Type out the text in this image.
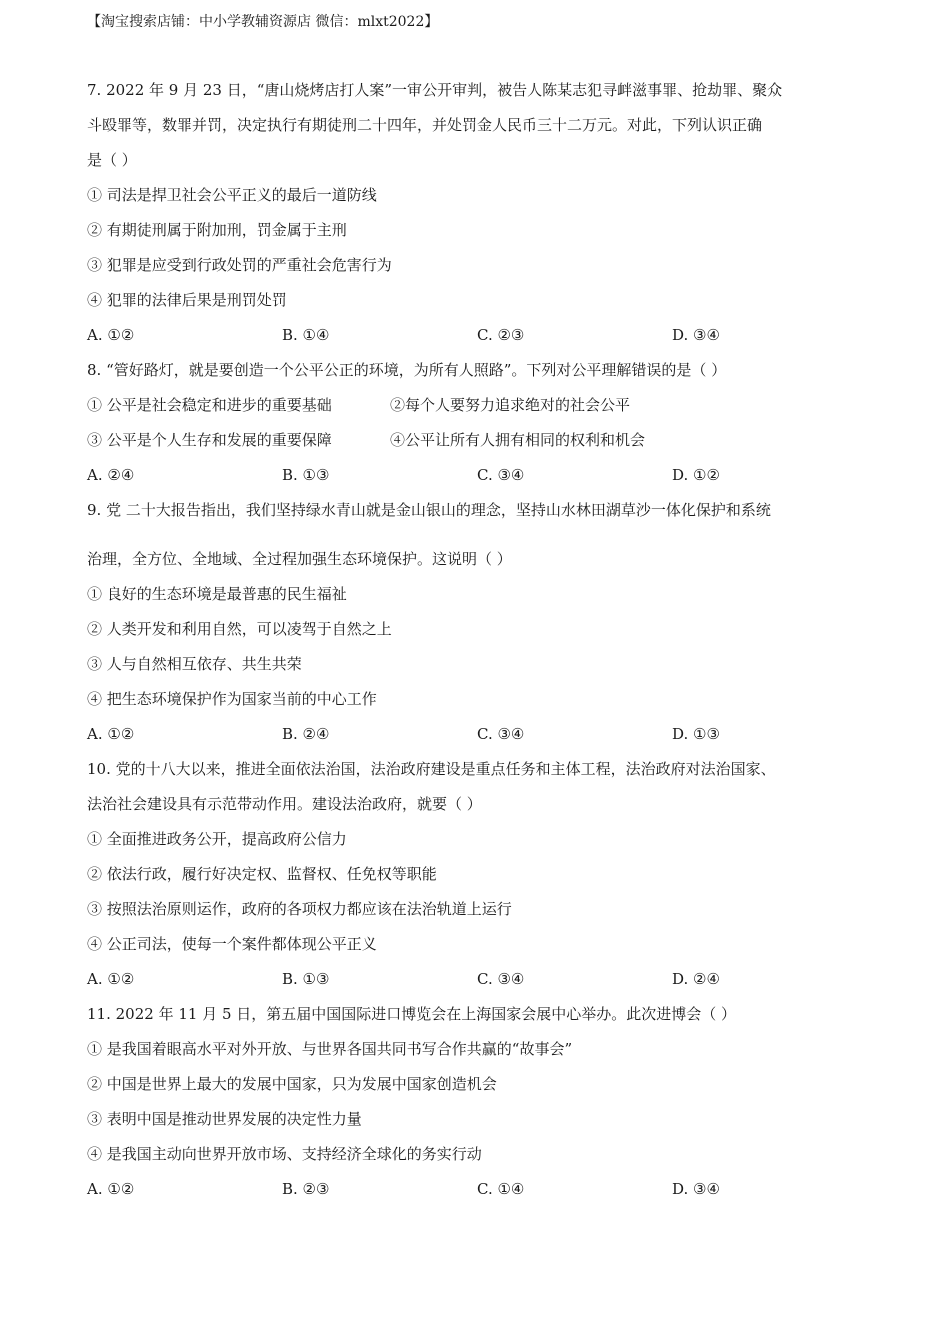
【淘宝搜索店铺：中小学教辅资源店 微信：mlxt2022】
7. 2022 年 9 月 23 日，“唐山烧烤店打人案”一审公开审判，被告人陈某志犯寻衅滋事罪、抢劫罪、聚众
斗殴罪等，数罪并罚，决定执行有期徒刑二十四年，并处罚金人民币三十二万元。对此，下列认识正确
是（ ）
① 司法是捍卫社会公平正义的最后一道防线
② 有期徒刑属于附加刑，罚金属于主刑
③ 犯罪是应受到行政处罚的严重社会危害行为
④ 犯罪的法律后果是刑罚处罚
A. ①②	B. ①④	C. ②③	D. ③④
8. “管好路灯，就是要创造一个公平公正的环境，为所有人照路”。下列对公平理解错误的是（ ）
① 公平是社会稳定和进步的重要基础	②每个人要努力追求绝对的社会公平
③ 公平是个人生存和发展的重要保障	④公平让所有人拥有相同的权利和机会
A. ②④	B. ①③	C. ③④	D. ①②
9. 党 二十大报告指出，我们坚持绿水青山就是金山银山的理念，坚持山水林田湖草沙一体化保护和系统
治理，全方位、全地域、全过程加强生态环境保护。这说明（ ）
① 良好的生态环境是最普惠的民生福祉
② 人类开发和利用自然，可以凌驾于自然之上
③ 人与自然相互依存、共生共荣
④ 把生态环境保护作为国家当前的中心工作
A. ①②	B. ②④	C. ③④	D. ①③
10. 党的十八大以来，推进全面依法治国，法治政府建设是重点任务和主体工程，法治政府对法治国家、
法治社会建设具有示范带动作用。建设法治政府，就要（ ）
① 全面推进政务公开，提高政府公信力
② 依法行政，履行好决定权、监督权、任免权等职能
③ 按照法治原则运作，政府的各项权力都应该在法治轨道上运行
④ 公正司法，使每一个案件都体现公平正义
A. ①②	B. ①③	C. ③④	D. ②④
11. 2022 年 11 月 5 日，第五届中国国际进口博览会在上海国家会展中心举办。此次进博会（ ）
① 是我国着眼高水平对外开放、与世界各国共同书写合作共赢的“故事会”
② 中国是世界上最大的发展中国家，只为发展中国家创造机会
③ 表明中国是推动世界发展的决定性力量
④ 是我国主动向世界开放市场、支持经济全球化的务实行动
A. ①②	B. ②③	C. ①④	D. ③④
